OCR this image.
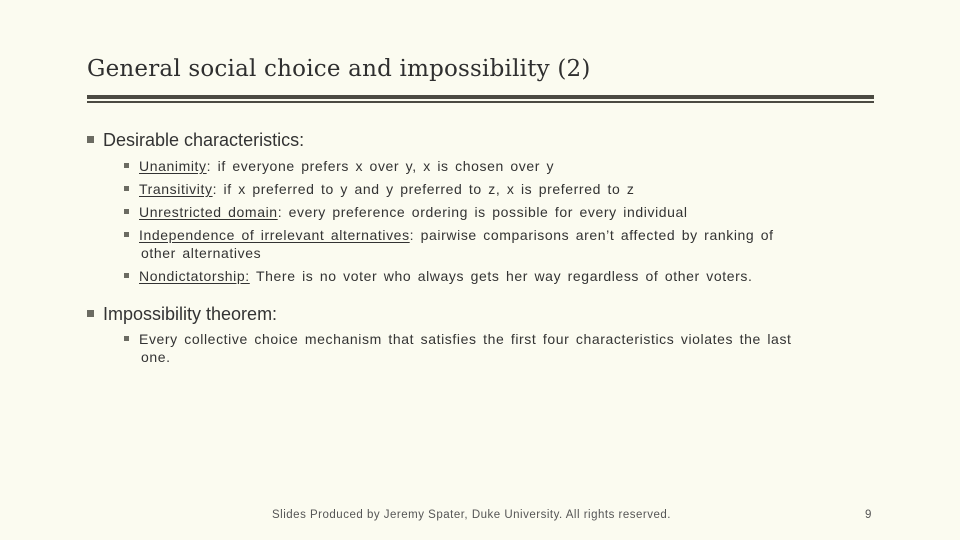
General social choice and impossibility (2)
Desirable characteristics:
Unanimity: if everyone prefers x over y, x is chosen over y
Transitivity: if x preferred to y and y preferred to z, x is preferred to z
Unrestricted domain: every preference ordering is possible for every individual
Independence of irrelevant alternatives: pairwise comparisons aren’t affected by ranking of
other alternatives
Nondictatorship: There is no voter who always gets her way regardless of other voters.
Impossibility theorem:
Every collective choice mechanism that satisfies the first four characteristics violates the last
one.
Slides Produced by Jeremy Spater, Duke University. All rights reserved.	9
